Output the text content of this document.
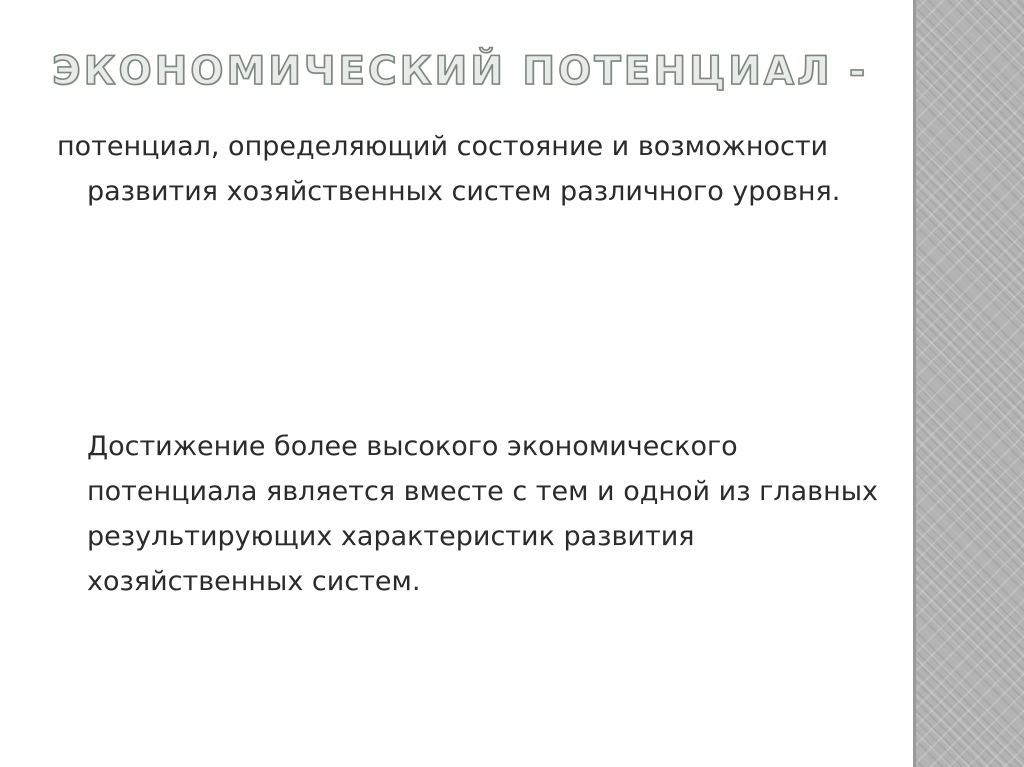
ЭКОНОМИЧЕСКИЙ ПОТЕНЦИАЛ -

потенциал, определяющий состояние и возможности развития хозяйственных систем различного уровня.

Достижение более высокого экономического потенциала является вместе с тем и одной из главных результирующих характеристик развития хозяйственных систем.
